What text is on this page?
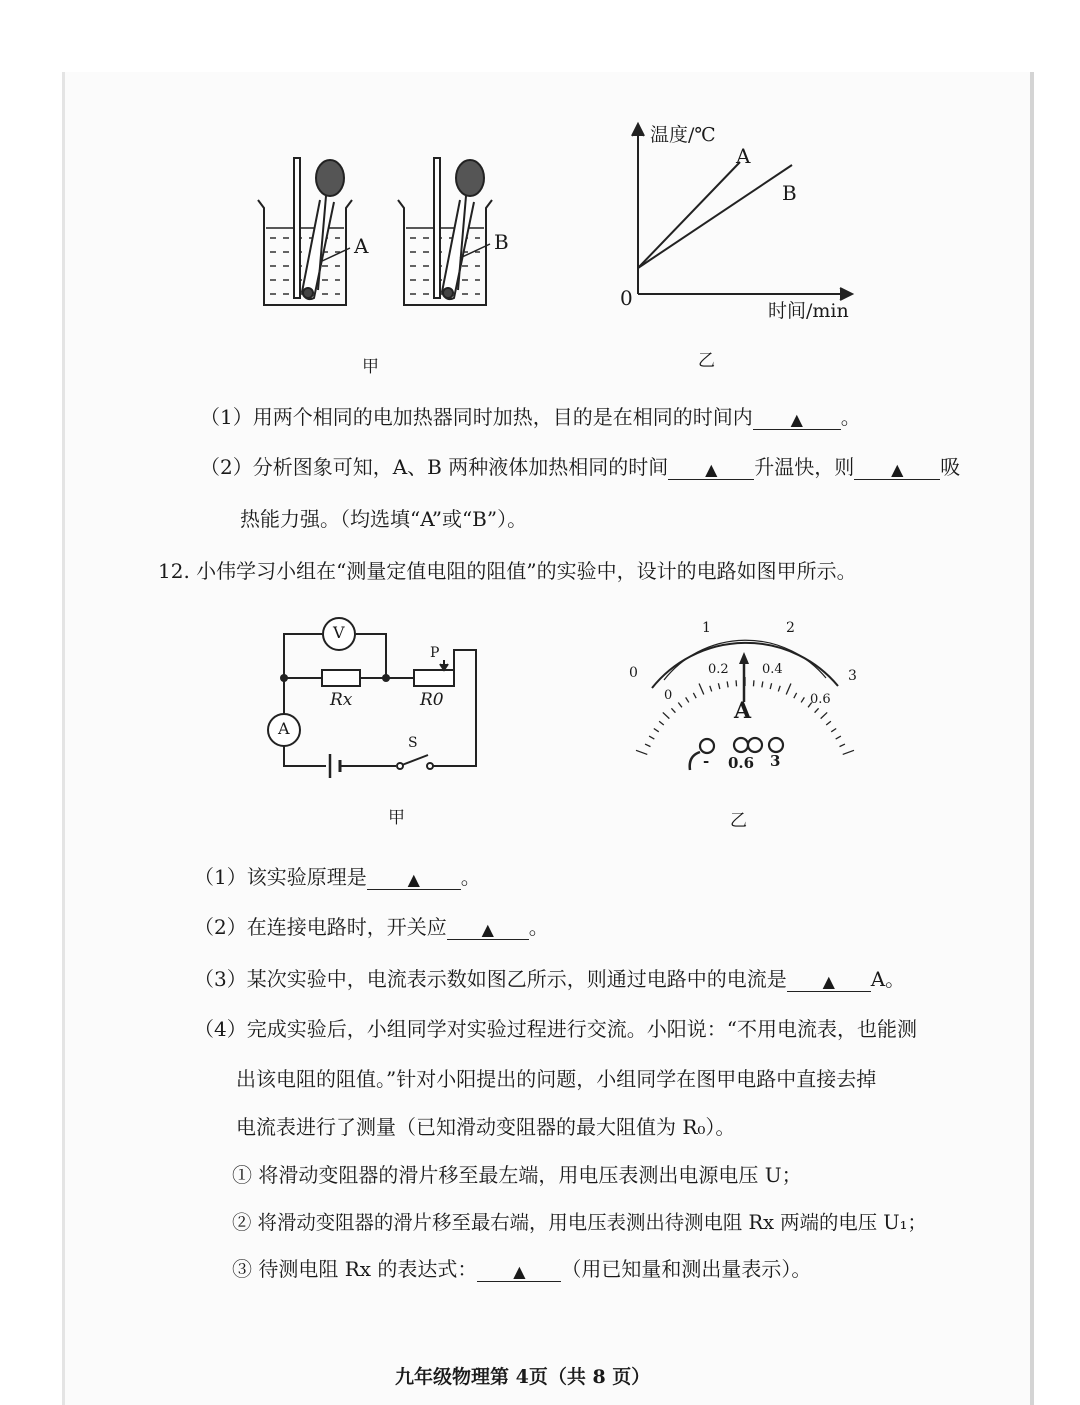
A	B
甲
温度/℃
时间/min
0
A
B
乙
（1）用两个相同的电加热器同时加热，目的是在相同的时间内 ▲ 。
（2）分析图象可知，A、B 两种液体加热相同的时间 ▲ 升温快，则 ▲ 吸
热能力强。（均选填“A”或“B”）。
12. 小伟学习小组在“测量定值电阻的阻值”的实验中，设计的电路如图甲所示。
V
A
Rx	R0
P
S
甲
0
1	2
3
0
0.2	0.4
0.6
A
- 0.6 3
乙
（1）该实验原理是	▲ 。
（2）在连接电路时，开关应 ▲ 。
（3）某次实验中，电流表示数如图乙所示，则通过电路中的电流是 ▲ A。
（4）完成实验后，小组同学对实验过程进行交流。小阳说：“不用电流表，也能测
出该电阻的阻值。”针对小阳提出的问题，小组同学在图甲电路中直接去掉
电流表进行了测量（已知滑动变阻器的最大阻值为 R₀）。
① 将滑动变阻器的滑片移至最左端，用电压表测出电源电压 U；
② 将滑动变阻器的滑片移至最右端，用电压表测出待测电阻 Rx 两端的电压 U₁；
③ 待测电阻 Rx 的表达式： ▲ （用已知量和测出量表示）。
九年级物理第 4页（共 8 页）
